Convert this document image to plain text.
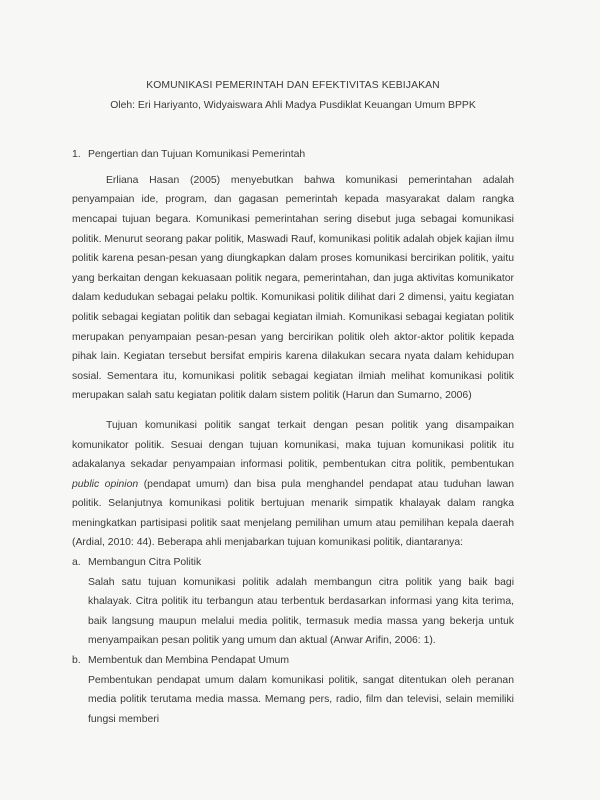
KOMUNIKASI PEMERINTAH DAN EFEKTIVITAS KEBIJAKAN

Oleh: Eri Hariyanto, Widyaiswara Ahli Madya Pusdiklat Keuangan Umum BPPK

1. Pengertian dan Tujuan Komunikasi Pemerintah

Erliana Hasan (2005) menyebutkan bahwa komunikasi pemerintahan adalah penyampaian ide, program, dan gagasan pemerintah kepada masyarakat dalam rangka mencapai tujuan begara. Komunikasi pemerintahan sering disebut juga sebagai komunikasi politik. Menurut seorang pakar politik, Maswadi Rauf, komunikasi politik adalah objek kajian ilmu politik karena pesan-pesan yang diungkapkan dalam proses komunikasi bercirikan politik, yaitu yang berkaitan dengan kekuasaan politik negara, pemerintahan, dan juga aktivitas komunikator dalam kedudukan sebagai pelaku poltik. Komunikasi politik dilihat dari 2 dimensi, yaitu kegiatan politik sebagai kegiatan politik dan sebagai kegiatan ilmiah. Komunikasi sebagai kegiatan politik merupakan penyampaian pesan-pesan yang bercirikan politik oleh aktor-aktor politik kepada pihak lain. Kegiatan tersebut bersifat empiris karena dilakukan secara nyata dalam kehidupan sosial. Sementara itu, komunikasi politik sebagai kegiatan ilmiah melihat komunikasi politik merupakan salah satu kegiatan politik dalam sistem politik (Harun dan Sumarno, 2006)

Tujuan komunikasi politik sangat terkait dengan pesan politik yang disampaikan komunikator politik. Sesuai dengan tujuan komunikasi, maka tujuan komunikasi politik itu adakalanya sekadar penyampaian informasi politik, pembentukan citra politik, pembentukan public opinion (pendapat umum) dan bisa pula menghandel pendapat atau tuduhan lawan politik. Selanjutnya komunikasi politik bertujuan menarik simpatik khalayak dalam rangka meningkatkan partisipasi politik saat menjelang pemilihan umum atau pemilihan kepala daerah (Ardial, 2010: 44). Beberapa ahli menjabarkan tujuan komunikasi politik, diantaranya:

a. Membangun Citra Politik

Salah satu tujuan komunikasi politik adalah membangun citra politik yang baik bagi khalayak. Citra politik itu terbangun atau terbentuk berdasarkan informasi yang kita terima, baik langsung maupun melalui media politik, termasuk media massa yang bekerja untuk menyampaikan pesan politik yang umum dan aktual (Anwar Arifin, 2006: 1).

b. Membentuk dan Membina Pendapat Umum

Pembentukan pendapat umum dalam komunikasi politik, sangat ditentukan oleh peranan media politik terutama media massa. Memang pers, radio, film dan televisi, selain memiliki fungsi memberi
